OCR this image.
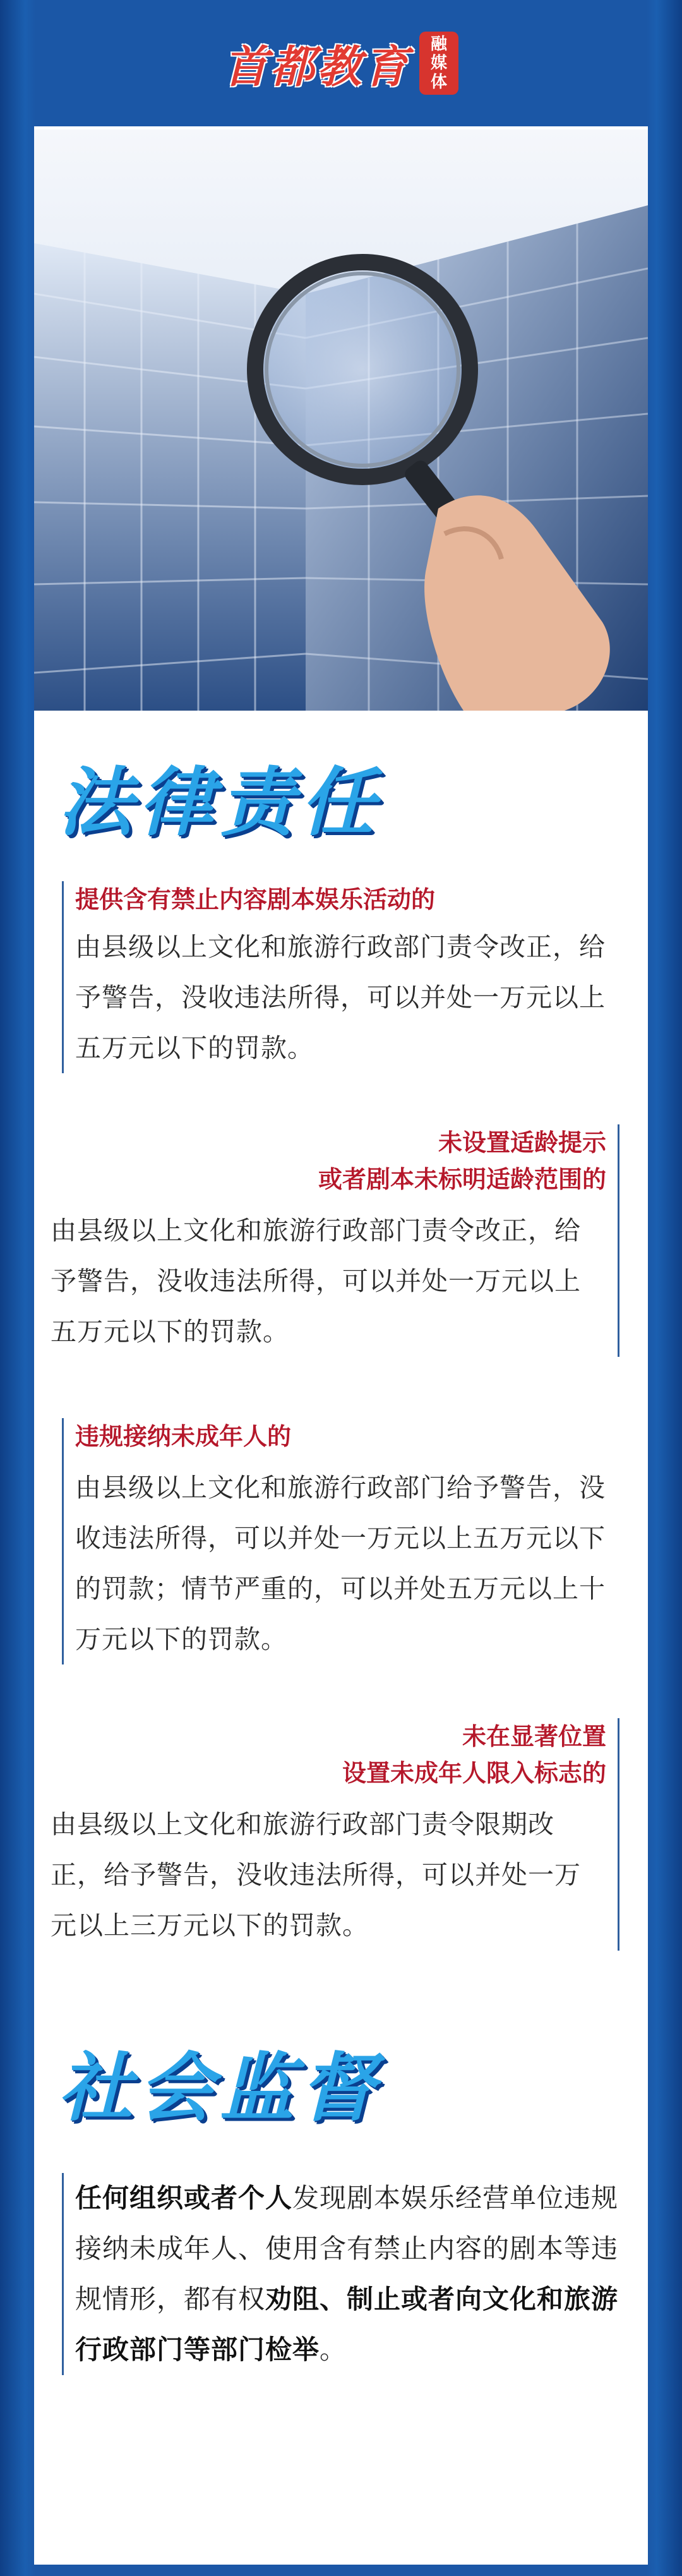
首都教育 融
媒
体
法律责任
提供含有禁止内容剧本娱乐活动的
由县级以上文化和旅游行政部门责令改正，给予警告，没收违法所得，可以并处一万元以上五万元以下的罚款。
未设置适龄提示
或者剧本未标明适龄范围的
由县级以上文化和旅游行政部门责令改正，给予警告，没收违法所得，可以并处一万元以上五万元以下的罚款。
违规接纳未成年人的
由县级以上文化和旅游行政部门给予警告，没收违法所得，可以并处一万元以上五万元以下的罚款；情节严重的，可以并处五万元以上十万元以下的罚款。
未在显著位置
设置未成年人限入标志的
由县级以上文化和旅游行政部门责令限期改正，给予警告，没收违法所得，可以并处一万元以上三万元以下的罚款。
社会监督
任何组织或者个人发现剧本娱乐经营单位违规接纳未成年人、使用含有禁止内容的剧本等违规情形，都有权劝阻、制止或者向文化和旅游行政部门等部门检举。
